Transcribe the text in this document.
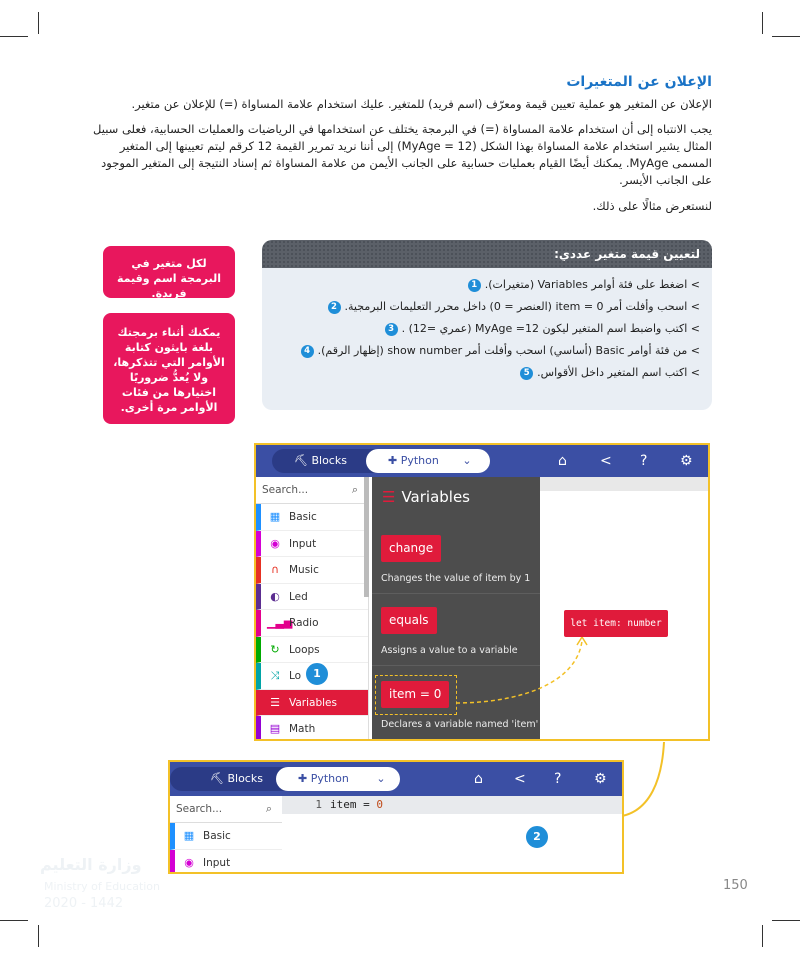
الإعلان عن المتغيرات
الإعلان عن المتغير هو عملية تعيين قيمة ومعرّف (اسم فريد) للمتغير. عليك استخدام علامة المساواة (=) للإعلان عن متغير.
يجب الانتباه إلى أن استخدام علامة المساواة (=) في البرمجة يختلف عن استخدامها في الرياضيات والعمليات الحسابية، فعلى سبيل المثال يشير استخدام علامة المساواة بهذا الشكل (MyAge = 12) إلى أننا نريد تمرير القيمة 12 كرقم ليتم تعيينها إلى المتغير المسمى MyAge. يمكنك أيضًا القيام بعمليات حسابية على الجانب الأيمن من علامة المساواة ثم إسناد النتيجة إلى المتغير الموجود على الجانب الأيسر.
لنستعرض مثالًا على ذلك.
لكل متغير في البرمجة اسم وقيمة فريدة.
يمكنك أثناء برمجتك بلغة بايثون كتابة الأوامر التي تتذكرها، ولا يُعدُّ ضروريًا اختيارها من فئات الأوامر مرة أخرى.
لتعيين قيمة متغير عددي:
> اضغط على فئة أوامر Variables (متغيرات).1
> اسحب وأفلت أمر item = 0 (العنصر = 0) داخل محرر التعليمات البرمجية.2
> اكتب واضبط اسم المتغير ليكون MyAge =12 (عمري =12) .3
> من فئة أوامر Basic (أساسي) اسحب وأفلت أمر show number (إظهار الرقم).4
> اكتب اسم المتغير داخل الأقواس.5
⛏ Blocks	✚ Python	⌄	⌂ < ? ⚙
Search...	⌕
▦ Basic
◉ Input
∩ Music
◐ Led
▁▃▅Radio
↻ Loops
⤨ Lo
☰ Variables
▤ Math
☰ Variables
change
Changes the value of item by 1
equals
Assigns a value to a variable
item = 0
Declares a variable named 'item'
let item: number
1
⛏ Blocks	✚ Python	⌄	⌂ < ? ⚙
Search...	⌕
▦ Basic
◉ Input
1 item = 0
2
وزارة التعليم
Ministry of Education
2020 - 1442
150
